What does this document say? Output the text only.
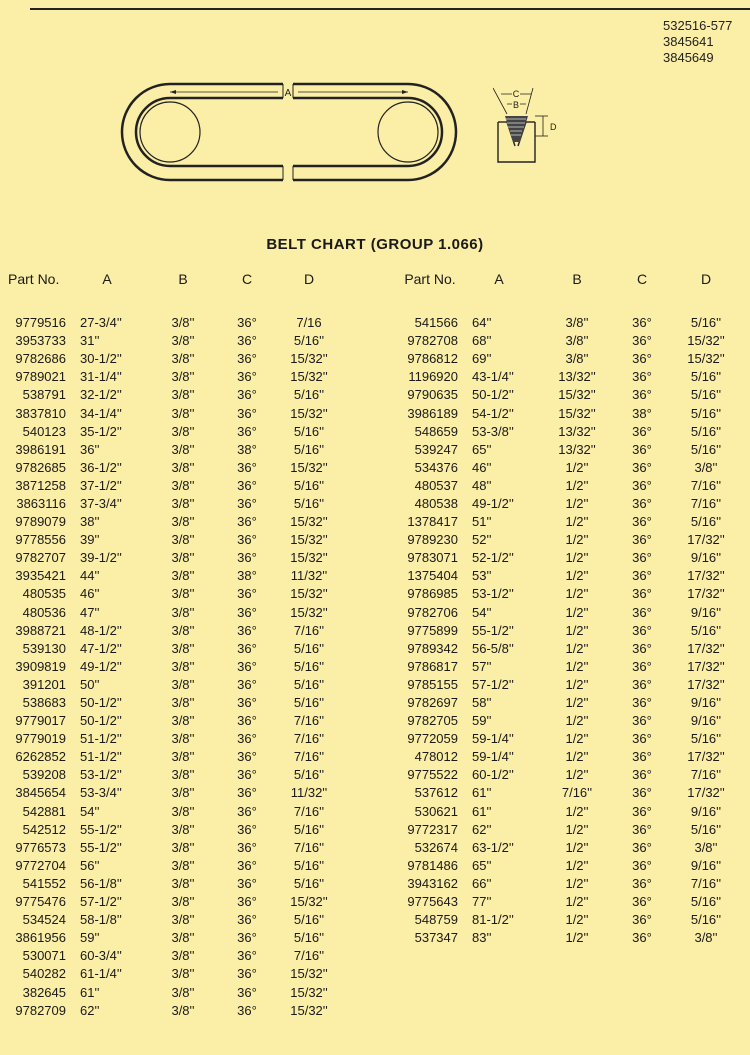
532516-577
3845641
3845649
A	C
B
D
BELT CHART (GROUP 1.066)
Part No.	A	B	C	D
9779516	27-3/4''	3/8''	36°	7/16
3953733	31''	3/8''	36°	5/16''
9782686	30-1/2''	3/8''	36°	15/32''
9789021	31-1/4''	3/8''	36°	15/32''
538791	32-1/2''	3/8''	36°	5/16''
3837810	34-1/4''	3/8''	36°	15/32''
540123	35-1/2''	3/8''	36°	5/16''
3986191	36''	3/8''	38°	5/16''
9782685	36-1/2''	3/8''	36°	15/32''
3871258	37-1/2''	3/8''	36°	5/16''
3863116	37-3/4''	3/8''	36°	5/16''
9789079	38''	3/8''	36°	15/32''
9778556	39''	3/8''	36°	15/32''
9782707	39-1/2''	3/8''	36°	15/32''
3935421	44''	3/8''	38°	11/32''
480535	46''	3/8''	36°	15/32''
480536	47''	3/8''	36°	15/32''
3988721	48-1/2''	3/8''	36°	7/16''
539130	47-1/2''	3/8''	36°	5/16''
3909819	49-1/2''	3/8''	36°	5/16''
391201	50''	3/8''	36°	5/16''
538683	50-1/2''	3/8''	36°	5/16''
9779017	50-1/2''	3/8''	36°	7/16''
9779019	51-1/2''	3/8''	36°	7/16''
6262852	51-1/2''	3/8''	36°	7/16''
539208	53-1/2''	3/8''	36°	5/16''
3845654	53-3/4''	3/8''	36°	11/32''
542881	54''	3/8''	36°	7/16''
542512	55-1/2''	3/8''	36°	5/16''
9776573	55-1/2''	3/8''	36°	7/16''
9772704	56''	3/8''	36°	5/16''
541552	56-1/8''	3/8''	36°	5/16''
9775476	57-1/2''	3/8''	36°	15/32''
534524	58-1/8''	3/8''	36°	5/16''
3861956	59''	3/8''	36°	5/16''
530071	60-3/4''	3/8''	36°	7/16''
540282	61-1/4''	3/8''	36°	15/32''
382645	61''	3/8''	36°	15/32''
9782709	62''	3/8''	36°	15/32''
Part No.	A	B	C	D
541566	64''	3/8''	36°	5/16''
9782708	68''	3/8''	36°	15/32''
9786812	69''	3/8''	36°	15/32''
1196920	43-1/4''	13/32''	36°	5/16''
9790635	50-1/2''	15/32''	36°	5/16''
3986189	54-1/2''	15/32''	38°	5/16''
548659	53-3/8''	13/32''	36°	5/16''
539247	65''	13/32''	36°	5/16''
534376	46''	1/2''	36°	3/8''
480537	48''	1/2''	36°	7/16''
480538	49-1/2''	1/2''	36°	7/16''
1378417	51''	1/2''	36°	5/16''
9789230	52''	1/2''	36°	17/32''
9783071	52-1/2''	1/2''	36°	9/16''
1375404	53''	1/2''	36°	17/32''
9786985	53-1/2''	1/2''	36°	17/32''
9782706	54''	1/2''	36°	9/16''
9775899	55-1/2''	1/2''	36°	5/16''
9789342	56-5/8''	1/2''	36°	17/32''
9786817	57''	1/2''	36°	17/32''
9785155	57-1/2''	1/2''	36°	17/32''
9782697	58''	1/2''	36°	9/16''
9782705	59''	1/2''	36°	9/16''
9772059	59-1/4''	1/2''	36°	5/16''
478012	59-1/4''	1/2''	36°	17/32''
9775522	60-1/2''	1/2''	36°	7/16''
537612	61''	7/16''	36°	17/32''
530621	61''	1/2''	36°	9/16''
9772317	62''	1/2''	36°	5/16''
532674	63-1/2''	1/2''	36°	3/8''
9781486	65''	1/2''	36°	9/16''
3943162	66''	1/2''	36°	7/16''
9775643	77''	1/2''	36°	5/16''
548759	81-1/2''	1/2''	36°	5/16''
537347	83''	1/2''	36°	3/8''
